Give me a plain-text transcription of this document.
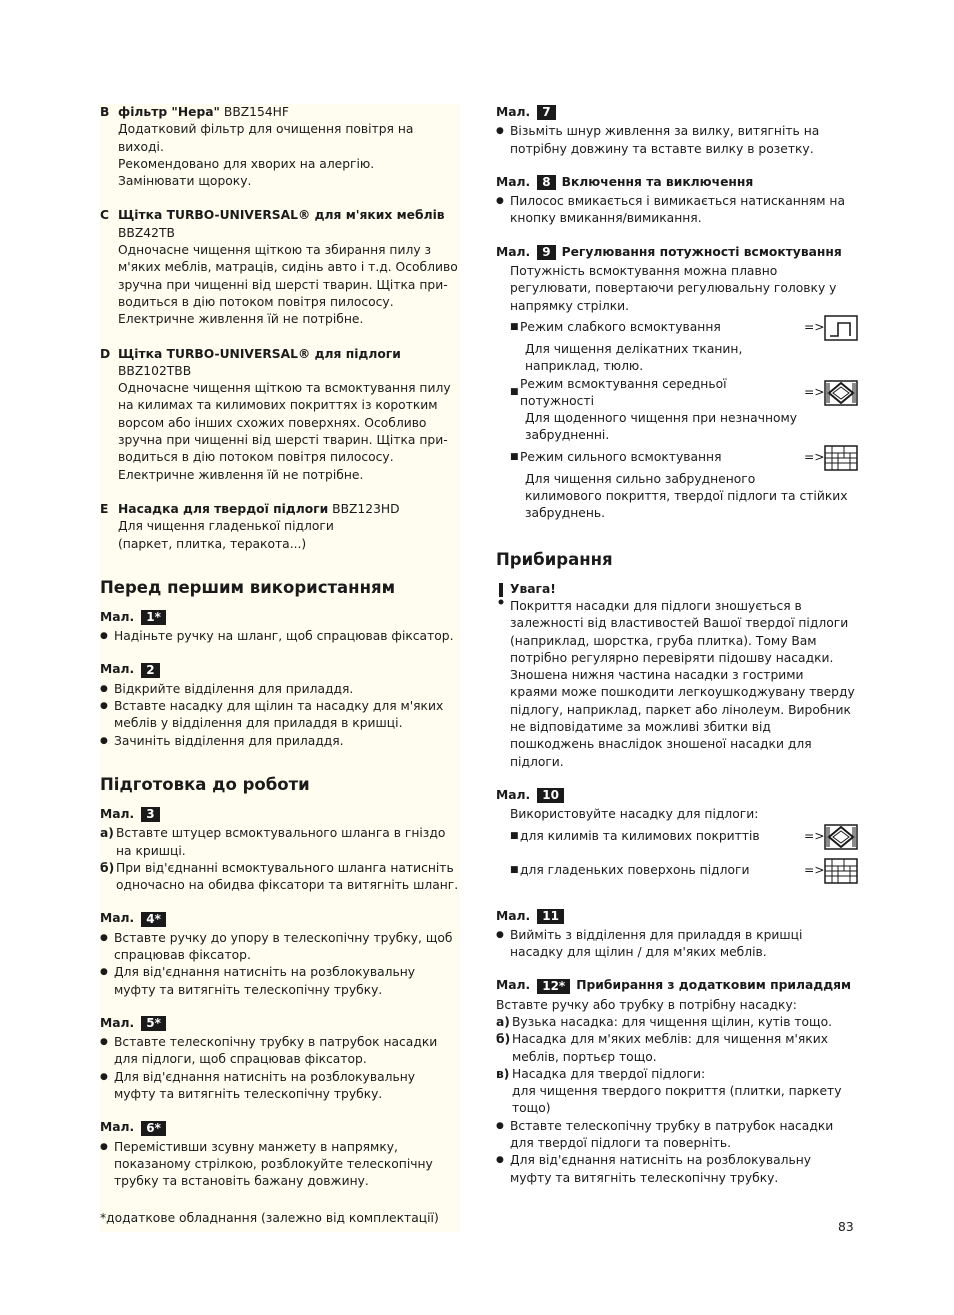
B фільтр "Hepa" BBZ154HF
Додатковий фільтр для очищення повітря на виході.
Рекомендовано для хворих на алергію.
Замінювати щороку.
C Щітка TURBO-UNIVERSAL® для м'яких меблів
BBZ42TB
Одночасне чищення щіткою та збирання пилу з
м'яких меблів, матраців, сидінь авто і т.д. Особливо
зручна при чищенні від шерсті тварин. Щітка при-
водиться в дію потоком повітря пилососу.
Електричне живлення їй не потрібне.
D Щітка TURBO-UNIVERSAL® для підлоги
BBZ102TBB
Одночасне чищення щіткою та всмоктування пилу
на килимах та килимових покриттях із коротким
ворсом або інших схожих поверхнях. Особливо
зручна при чищенні від шерсті тварин. Щітка при-
водиться в дію потоком повітря пилососу.
Електричне живлення їй не потрібне.
E Насадка для твердої підлоги BBZ123HD
Для чищення гладенької підлоги
(паркет, плитка, теракота...)
Перед першим використанням
Мал.	1*
● Надіньте ручку на шланг, щоб спрацював фіксатор.
Мал.	2
● Відкрийте відділення для приладдя.
● Вставте насадку для щілин та насадку для м'яких
меблів у відділення для приладдя в кришці.
● Зачиніть відділення для приладдя.
Підготовка до роботи
Мал.	3
a) Вставте штуцер всмоктувального шланга в гніздо
на кришці.
б) При від'єднанні всмоктувального шланга натисніть
одночасно на обидва фіксатори та витягніть шланг.
Мал.	4*
● Вставте ручку до упору в телескопічну трубку, щоб
спрацював фіксатор.
● Для від'єднання натисніть на розблокувальну
муфту та витягніть телескопічну трубку.
Мал.	5*
● Вставте телескопічну трубку в патрубок насадки
для підлоги, щоб спрацював фіксатор.
● Для від'єднання натисніть на розблокувальну
муфту та витягніть телескопічну трубку.
Мал.	6*
● Перемістивши зсувну манжету в напрямку,
показаному стрілкою, розблокуйте телескопічну
трубку та встановіть бажану довжину.
Мал.	7
● Візьміть шнур живлення за вилку, витягніть на
потрібну довжину та вставте вилку в розетку.
Мал.	8 Включення та виключення
● Пилосос вмикається і вимикається натисканням на
кнопку вмикання/вимикання.
Мал.	9 Регулювання потужності всмоктування
Потужність всмоктування можна плавно
регулювати, повертаючи регулювальну головку у
напрямку стрілки.
■ Режим слабкого всмоктування	=>
Для чищення делікатних тканин,
наприклад, тюлю.
■
Режим всмоктування середньої
потужності
=>
Для щоденного чищення при незначному
забрудненні.
■ Режим сильного всмоктування	=>
Для чищення сильно забрудненого
килимового покриття, твердої підлоги та стійких
забруднень.
Прибирання
Увага!
Покриття насадки для підлоги зношується в
залежності від властивостей Вашої твердої підлоги
(наприклад, шорстка, груба плитка). Тому Вам
потрібно регулярно перевіряти підошву насадки.
Зношена нижня частина насадки з гострими
краями може пошкодити легкоушкоджувану тверду
підлогу, наприклад, паркет або лінолеум. Виробник
не відповідатиме за можливі збитки від
пошкоджень внаслідок зношеної насадки для
підлоги.
Мал.	10
Використовуйте насадку для підлоги:
■ для килимів та килимових покриттів	=>
■ для гладеньких поверхонь підлоги	=>
Мал.	11
● Вийміть з відділення для приладдя в кришці
насадку для щілин / для м'яких меблів.
Мал.	12* Прибирання з додатковим приладдям
Вставте ручку або трубку в потрібну насадку:
а) Вузька насадка: для чищення щілин, кутів тощо.
б) Насадка для м'яких меблів: для чищення м'яких
меблів, портьєр тощо.
в) Насадка для твердої підлоги:
для чищення твердого покриття (плитки, паркету
тощо)
● Вставте телескопічну трубку в патрубок насадки
для твердої підлоги та поверніть.
● Для від'єднання натисніть на розблокувальну
муфту та витягніть телескопічну трубку.
*додаткове обладнання (залежно від комплектації)
83
